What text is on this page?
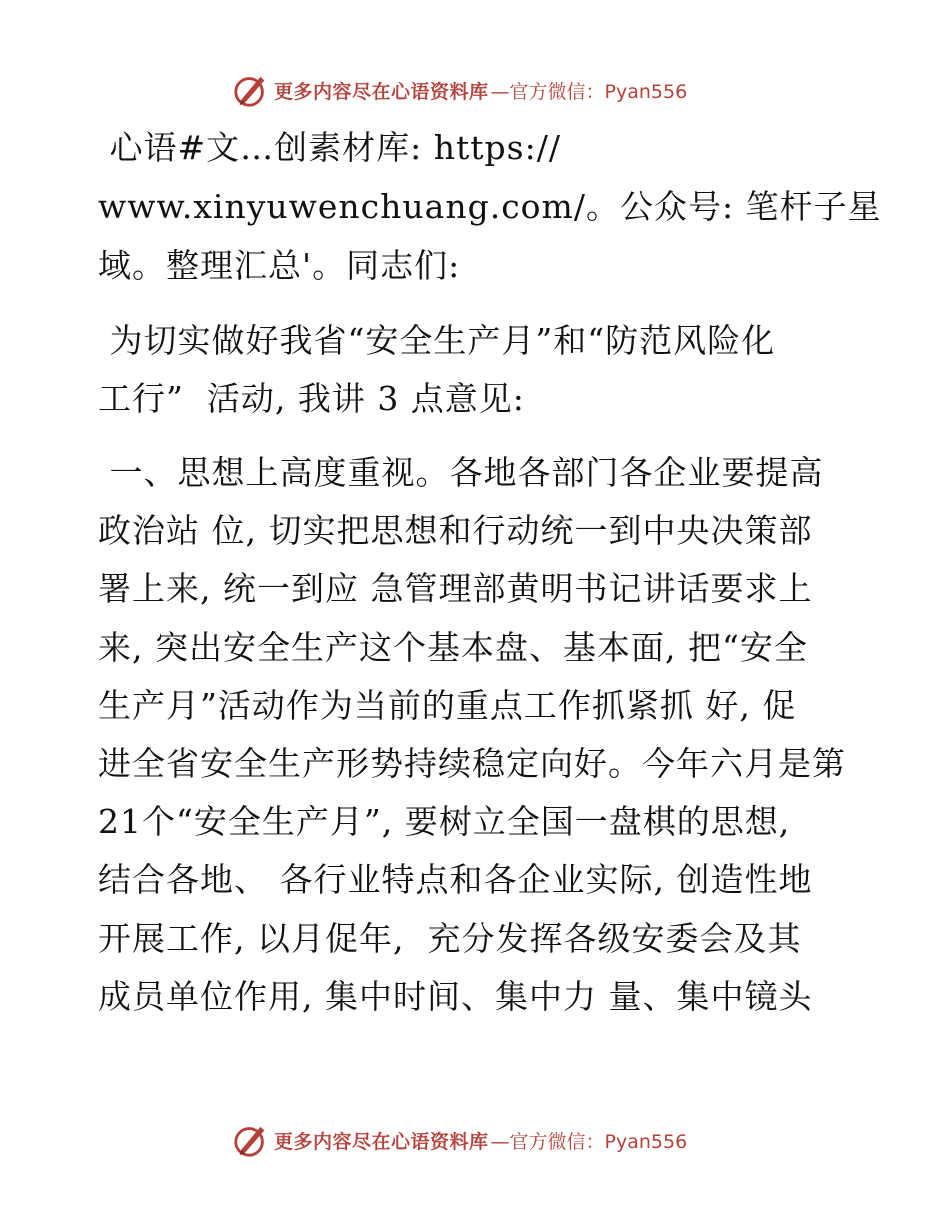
更多内容尽在心语资料库 —官方微信：Pyan556
心语#文…创素材库: https://
www.xinyuwenchuang.com/。公众号: 笔杆子星
域。整理汇总'。同志们:
为切实做好我省“安全生产月”和“防范风险化
工行”  活动, 我讲 3 点意见:
一、思想上高度重视。各地各部门各企业要提高
政治站 位, 切实把思想和行动统一到中央决策部
署上来, 统一到应 急管理部黄明书记讲话要求上
来, 突出安全生产这个基本盘、基本面, 把“安全
生产月”活动作为当前的重点工作抓紧抓 好, 促
进全省安全生产形势持续稳定向好。今年六月是第
21个“安全生产月”, 要树立全国一盘棋的思想,
结合各地、 各行业特点和各企业实际, 创造性地
开展工作, 以月促年,  充分发挥各级安委会及其
成员单位作用, 集中时间、集中力 量、集中镜头
更多内容尽在心语资料库 —官方微信：Pyan556
